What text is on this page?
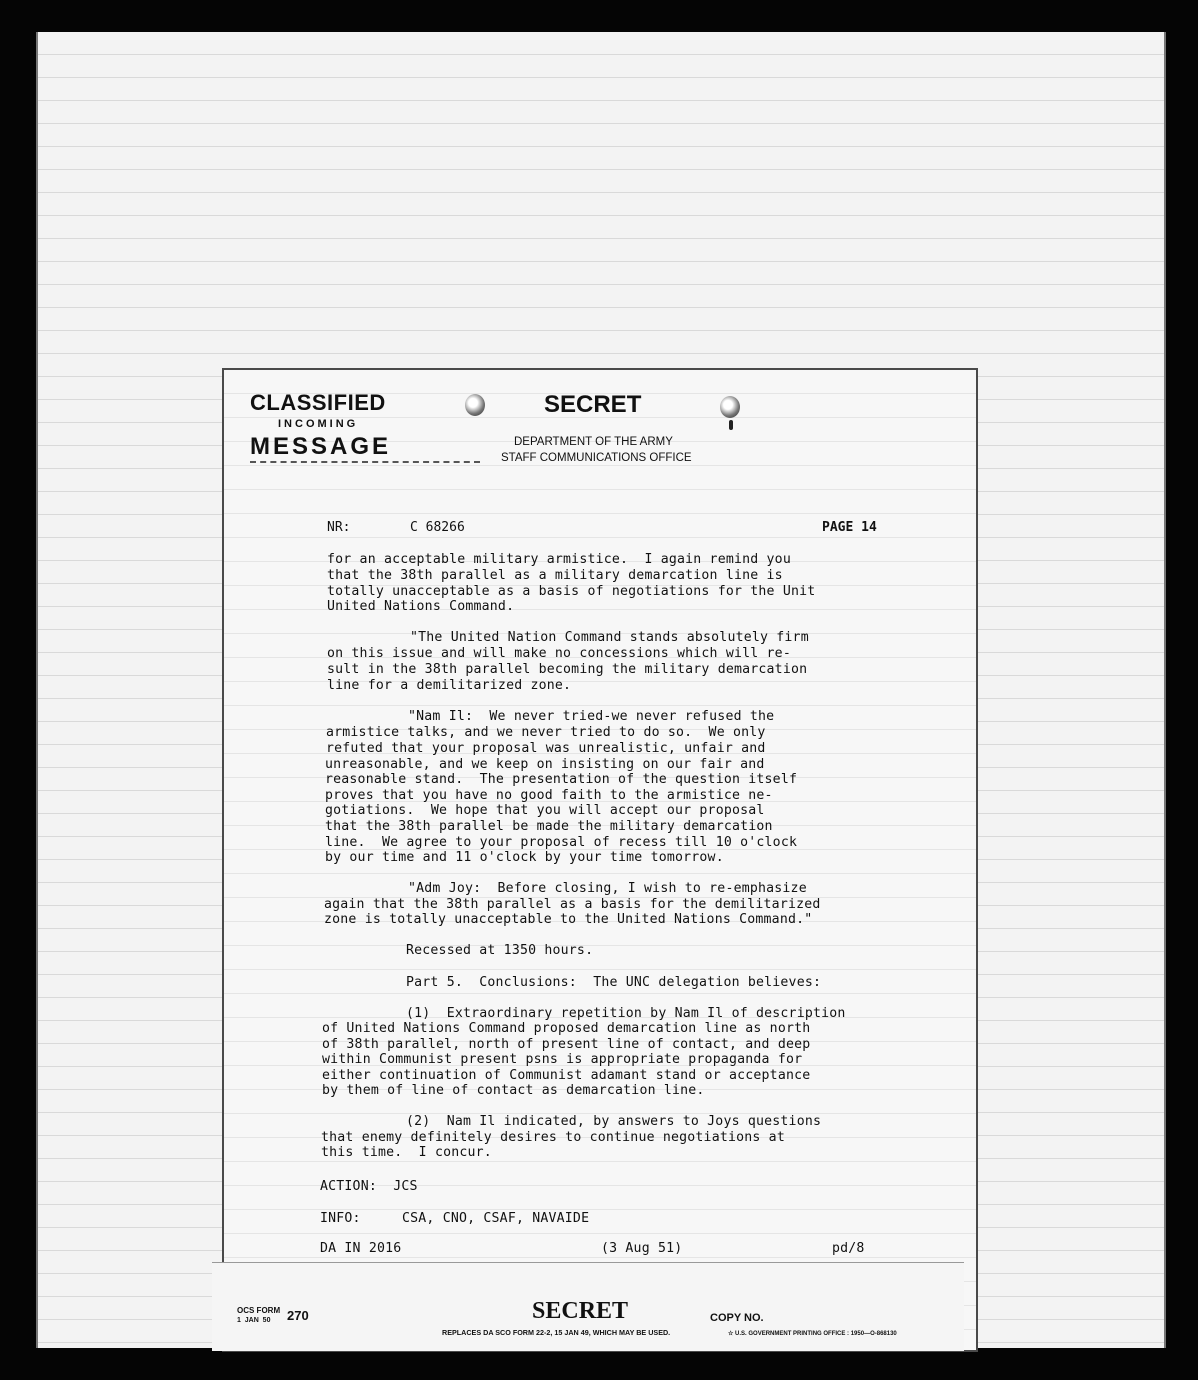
CLASSIFIED
INCOMING
MESSAGE
SECRET
DEPARTMENT OF THE ARMY
STAFF COMMUNICATIONS OFFICE
NR:	C 68266	PAGE 14
for an acceptable military armistice.  I again remind you
that the 38th parallel as a military demarcation line is
totally unacceptable as a basis of negotiations for the Unit
United Nations Command.
"The United Nation Command stands absolutely firm
on this issue and will make no concessions which will re-
sult in the 38th parallel becoming the military demarcation
line for a demilitarized zone.
"Nam Il:  We never tried-we never refused the
armistice talks, and we never tried to do so.  We only
refuted that your proposal was unrealistic, unfair and
unreasonable, and we keep on insisting on our fair and
reasonable stand.  The presentation of the question itself
proves that you have no good faith to the armistice ne-
gotiations.  We hope that you will accept our proposal
that the 38th parallel be made the military demarcation
line.  We agree to your proposal of recess till 10 o'clock
by our time and 11 o'clock by your time tomorrow.
"Adm Joy:  Before closing, I wish to re-emphasize
again that the 38th parallel as a basis for the demilitarized
zone is totally unacceptable to the United Nations Command."
Recessed at 1350 hours.
Part 5.  Conclusions:  The UNC delegation believes:
(1)  Extraordinary repetition by Nam Il of description
of United Nations Command proposed demarcation line as north
of 38th parallel, north of present line of contact, and deep
within Communist present psns is appropriate propaganda for
either continuation of Communist adamant stand or acceptance
by them of line of contact as demarcation line.
(2)  Nam Il indicated, by answers to Joys questions
that enemy definitely desires to continue negotiations at
this time.  I concur.
ACTION:  JCS
INFO:	CSA, CNO, CSAF, NAVAIDE
DA IN 2016	(3 Aug 51)	pd/8
OCS FORM
1  JAN  50 270	SECRET	COPY NO.
REPLACES DA SCO FORM 22-2, 15 JAN 49, WHICH MAY BE USED.	☆ U.S. GOVERNMENT PRINTING OFFICE : 1950—O-868130
